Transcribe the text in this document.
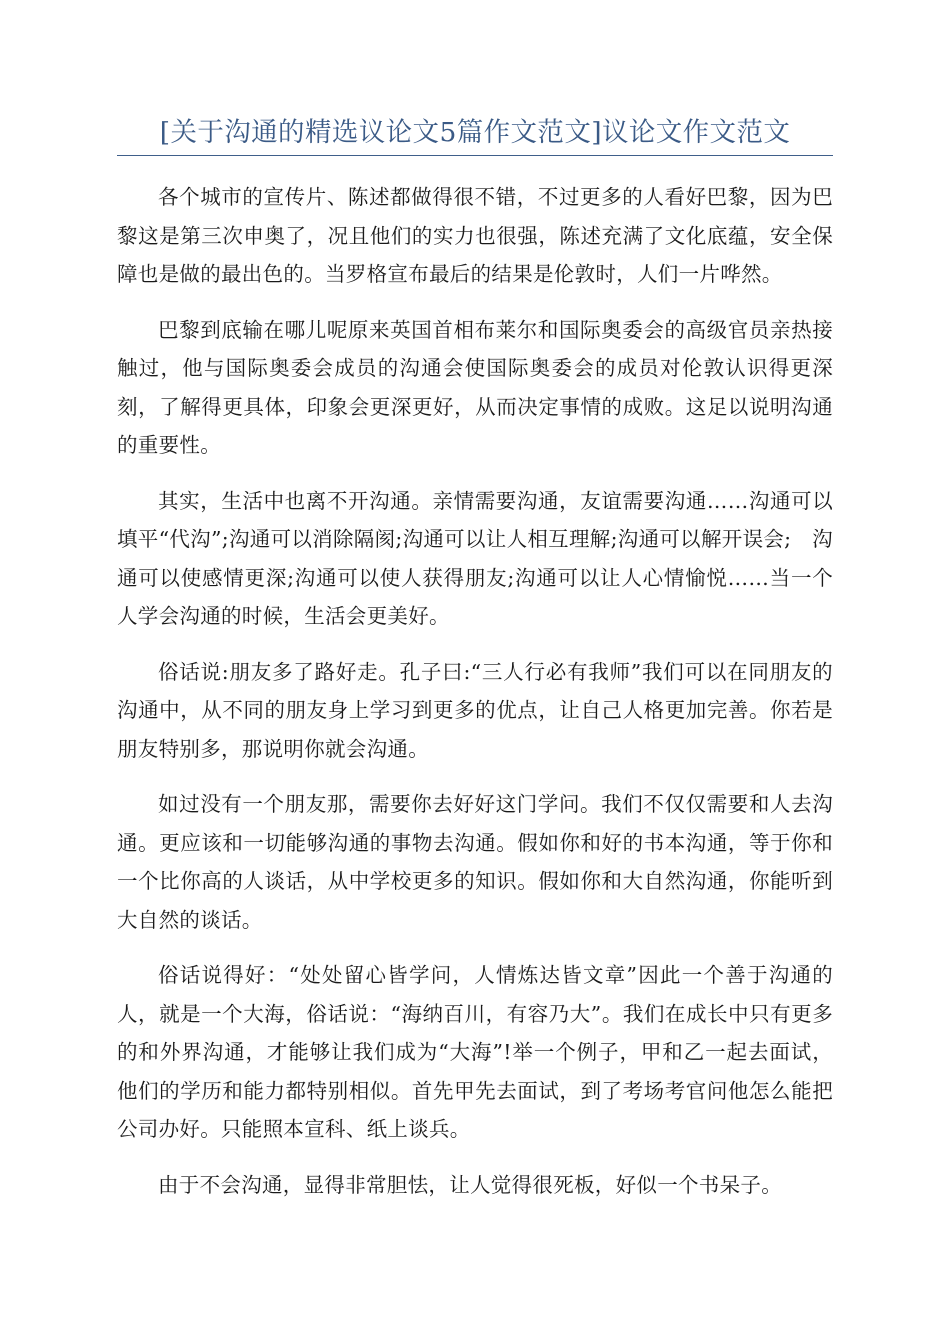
[关于沟通的精选议论文5篇作文范文]议论文作文范文

各个城市的宣传片、陈述都做得很不错，不过更多的人看好巴黎，因为巴黎这是第三次申奥了，况且他们的实力也很强，陈述充满了文化底蕴，安全保障也是做的最出色的。当罗格宣布最后的结果是伦敦时，人们一片哗然。

巴黎到底输在哪儿呢原来英国首相布莱尔和国际奥委会的高级官员亲热接触过，他与国际奥委会成员的沟通会使国际奥委会的成员对伦敦认识得更深刻，了解得更具体，印象会更深更好，从而决定事情的成败。这足以说明沟通的重要性。

其实，生活中也离不开沟通。亲情需要沟通，友谊需要沟通……沟通可以填平“代沟”;沟通可以消除隔阂;沟通可以让人相互理解;沟通可以解开误会;　沟通可以使感情更深;沟通可以使人获得朋友;沟通可以让人心情愉悦……当一个人学会沟通的时候，生活会更美好。

俗话说:朋友多了路好走。孔子曰:“三人行必有我师”我们可以在同朋友的沟通中，从不同的朋友身上学习到更多的优点，让自己人格更加完善。你若是朋友特别多，那说明你就会沟通。

如过没有一个朋友那，需要你去好好这门学问。我们不仅仅需要和人去沟通。更应该和一切能够沟通的事物去沟通。假如你和好的书本沟通，等于你和一个比你高的人谈话，从中学校更多的知识。假如你和大自然沟通，你能听到大自然的谈话。

俗话说得好：“处处留心皆学问，人情炼达皆文章”因此一个善于沟通的人，就是一个大海，俗话说：“海纳百川，有容乃大”。我们在成长中只有更多的和外界沟通，才能够让我们成为“大海”!举一个例子，甲和乙一起去面试，他们的学历和能力都特别相似。首先甲先去面试，到了考场考官问他怎么能把公司办好。只能照本宣科、纸上谈兵。

由于不会沟通，显得非常胆怯，让人觉得很死板，好似一个书呆子。
